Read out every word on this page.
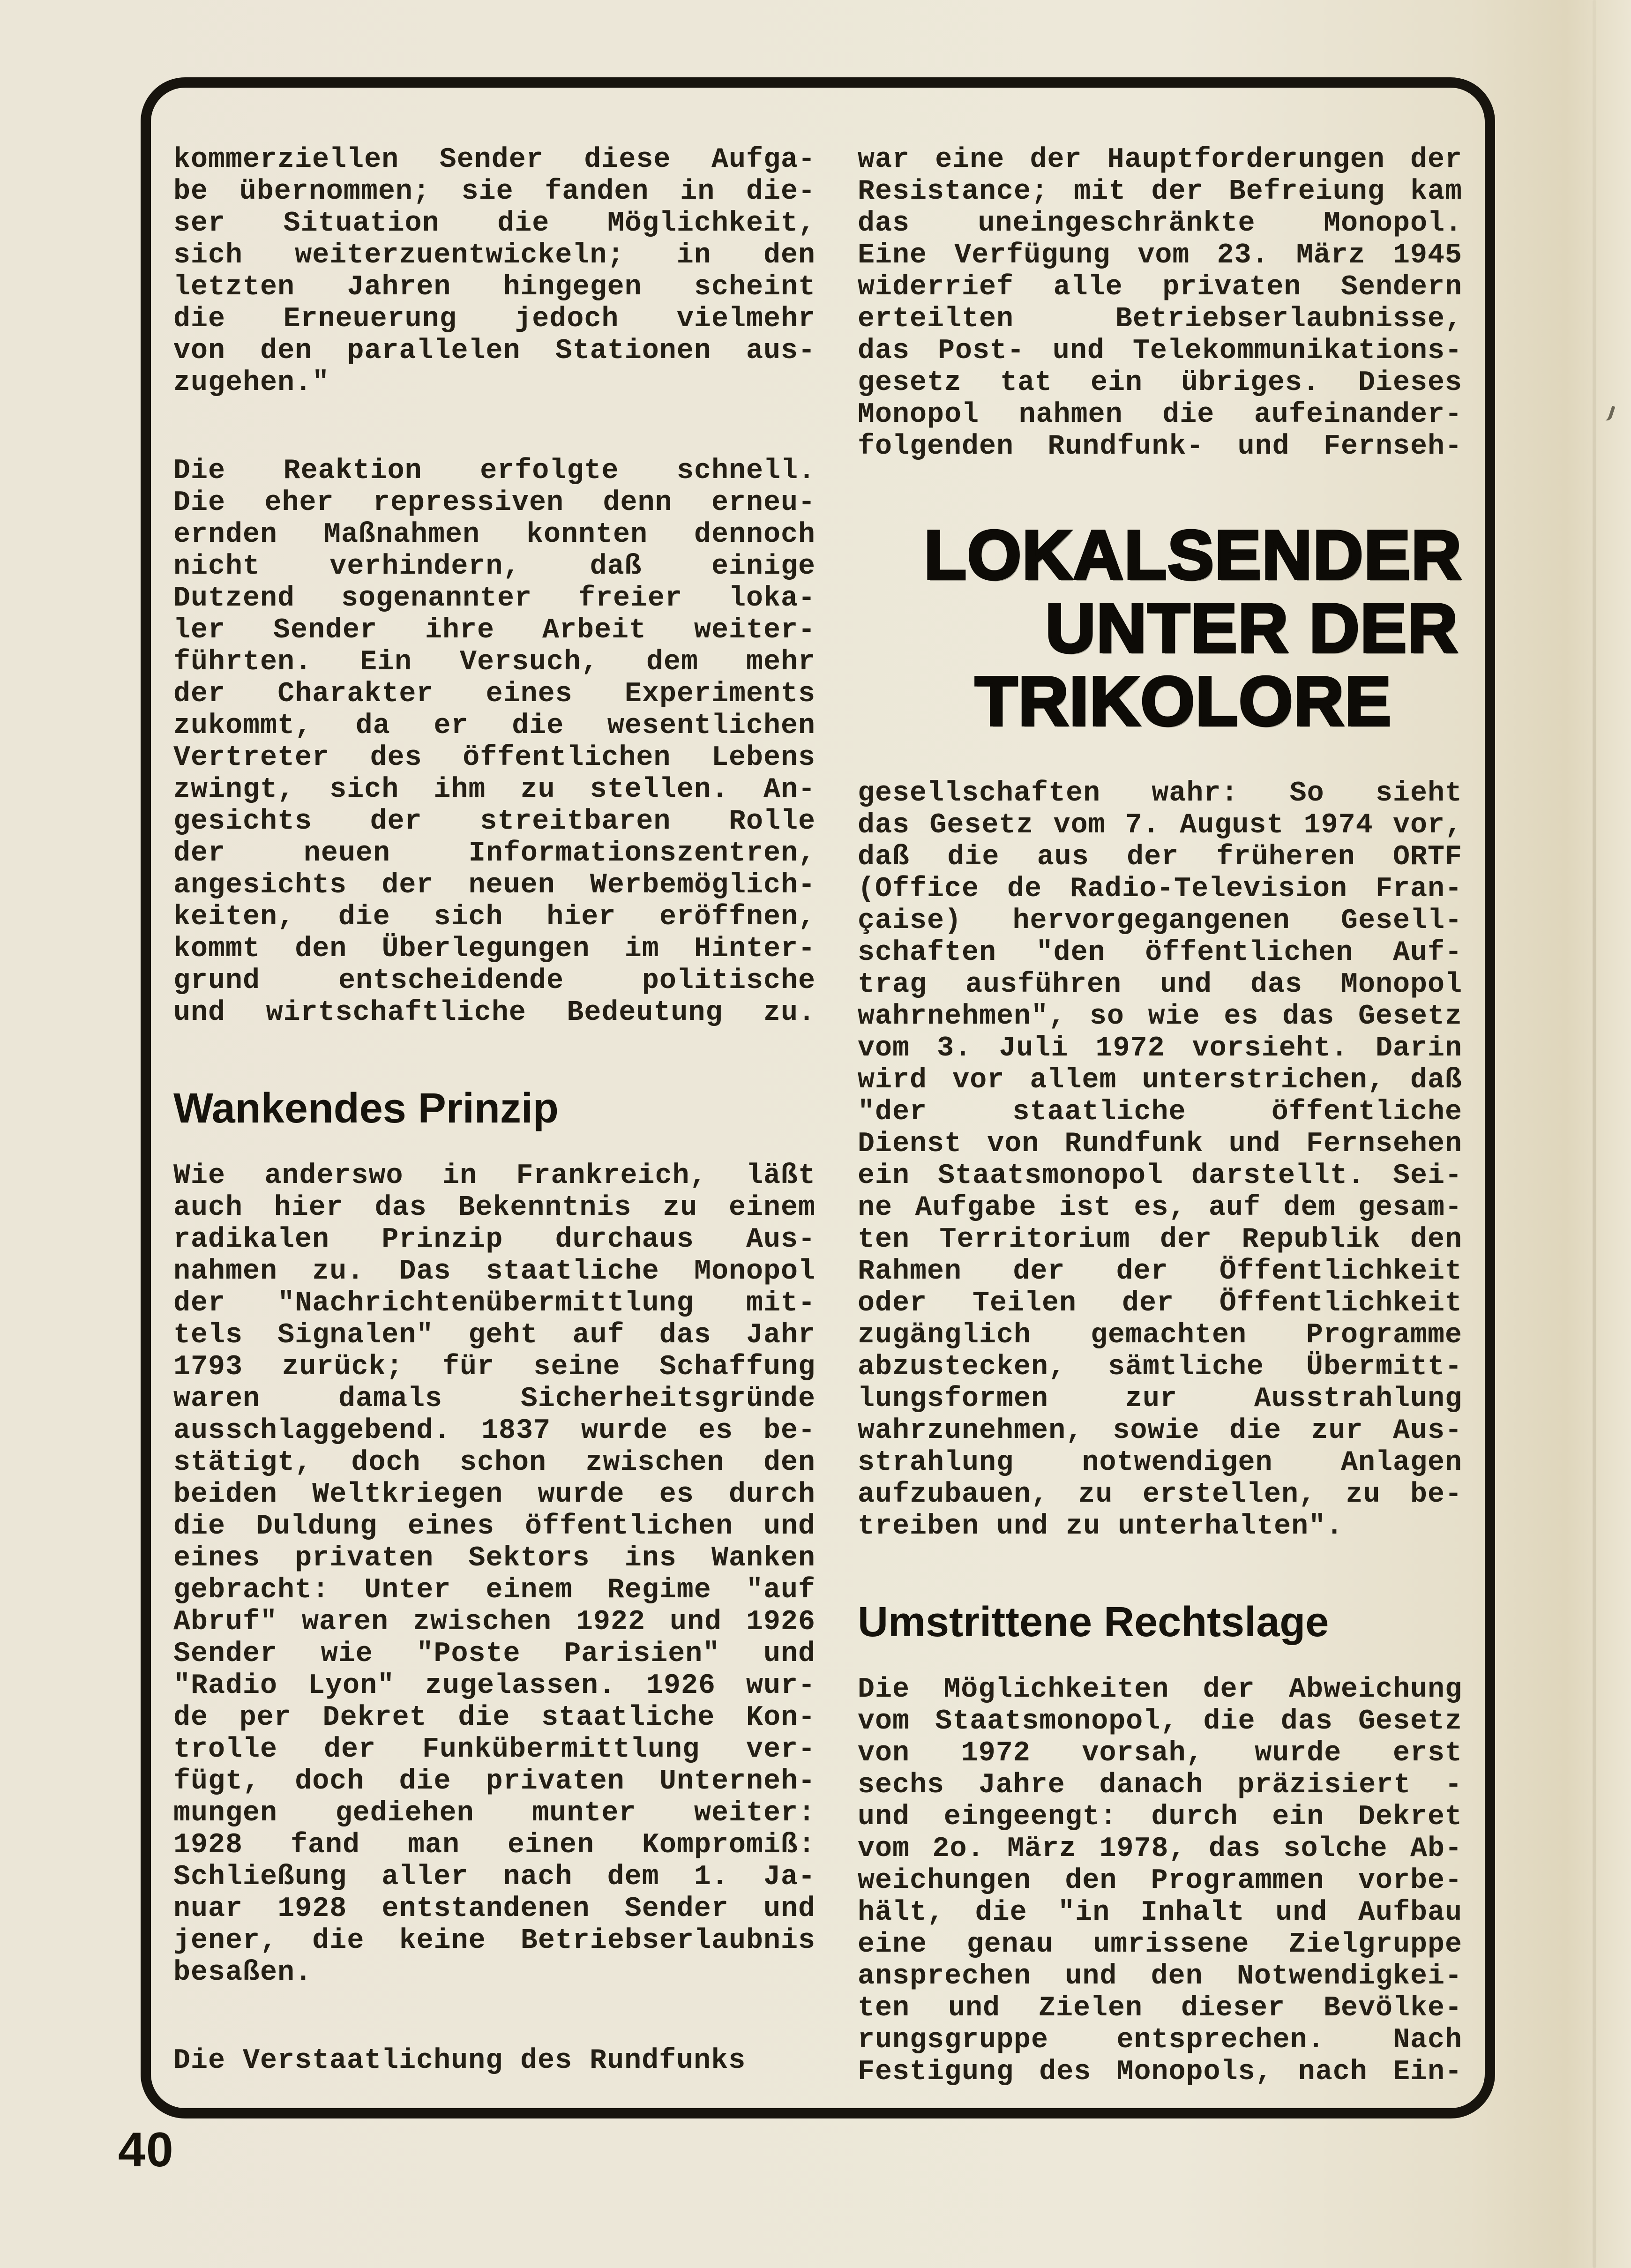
kommerziellen Sender diese Aufga-
be übernommen; sie fanden in die-
ser Situation die Möglichkeit,
sich weiterzuentwickeln; in den
letzten Jahren hingegen scheint
die Erneuerung jedoch vielmehr
von den parallelen Stationen aus-
zugehen."
Die Reaktion erfolgte schnell.
Die eher repressiven denn erneu-
ernden Maßnahmen konnten dennoch
nicht verhindern, daß einige
Dutzend sogenannter freier loka-
ler Sender ihre Arbeit weiter-
führten. Ein Versuch, dem mehr
der Charakter eines Experiments
zukommt, da er die wesentlichen
Vertreter des öffentlichen Lebens
zwingt, sich ihm zu stellen. An-
gesichts der streitbaren Rolle
der neuen Informationszentren,
angesichts der neuen Werbemöglich-
keiten, die sich hier eröffnen,
kommt den Überlegungen im Hinter-
grund entscheidende politische
und wirtschaftliche Bedeutung zu.
Wankendes Prinzip
Wie anderswo in Frankreich, läßt
auch hier das Bekenntnis zu einem
radikalen Prinzip durchaus Aus-
nahmen zu. Das staatliche Monopol
der "Nachrichtenübermittlung mit-
tels Signalen" geht auf das Jahr
1793 zurück; für seine Schaffung
waren damals Sicherheitsgründe
ausschlaggebend. 1837 wurde es be-
stätigt, doch schon zwischen den
beiden Weltkriegen wurde es durch
die Duldung eines öffentlichen und
eines privaten Sektors ins Wanken
gebracht: Unter einem Regime "auf
Abruf" waren zwischen 1922 und 1926
Sender wie "Poste Parisien" und
"Radio Lyon" zugelassen. 1926 wur-
de per Dekret die staatliche Kon-
trolle der Funkübermittlung ver-
fügt, doch die privaten Unterneh-
mungen gediehen munter weiter:
1928 fand man einen Kompromiß:
Schließung aller nach dem 1. Ja-
nuar 1928 entstandenen Sender und
jener, die keine Betriebserlaubnis
besaßen.
Die Verstaatlichung des Rundfunks
war eine der Hauptforderungen der
Resistance; mit der Befreiung kam
das uneingeschränkte Monopol.
Eine Verfügung vom 23. März 1945
widerrief alle privaten Sendern
erteilten Betriebserlaubnisse,
das Post- und Telekommunikations-
gesetz tat ein übriges. Dieses
Monopol nahmen die aufeinander-
folgenden Rundfunk- und Fernseh-
LOKALSENDER
UNTER DER
TRIKOLORE
gesellschaften wahr: So sieht
das Gesetz vom 7. August 1974 vor,
daß die aus der früheren ORTF
(Office de Radio-Television Fran-
çaise) hervorgegangenen Gesell-
schaften "den öffentlichen Auf-
trag ausführen und das Monopol
wahrnehmen", so wie es das Gesetz
vom 3. Juli 1972 vorsieht. Darin
wird vor allem unterstrichen, daß
"der staatliche öffentliche
Dienst von Rundfunk und Fernsehen
ein Staatsmonopol darstellt. Sei-
ne Aufgabe ist es, auf dem gesam-
ten Territorium der Republik den
Rahmen der der Öffentlichkeit
oder Teilen der Öffentlichkeit
zugänglich gemachten Programme
abzustecken, sämtliche Übermitt-
lungsformen zur Ausstrahlung
wahrzunehmen, sowie die zur Aus-
strahlung notwendigen Anlagen
aufzubauen, zu erstellen, zu be-
treiben und zu unterhalten".
Umstrittene Rechtslage
Die Möglichkeiten der Abweichung
vom Staatsmonopol, die das Gesetz
von 1972 vorsah, wurde erst
sechs Jahre danach präzisiert -
und eingeengt: durch ein Dekret
vom 2o. März 1978, das solche Ab-
weichungen den Programmen vorbe-
hält, die "in Inhalt und Aufbau
eine genau umrissene Zielgruppe
ansprechen und den Notwendigkei-
ten und Zielen dieser Bevölke-
rungsgruppe entsprechen. Nach
Festigung des Monopols, nach Ein-
40
